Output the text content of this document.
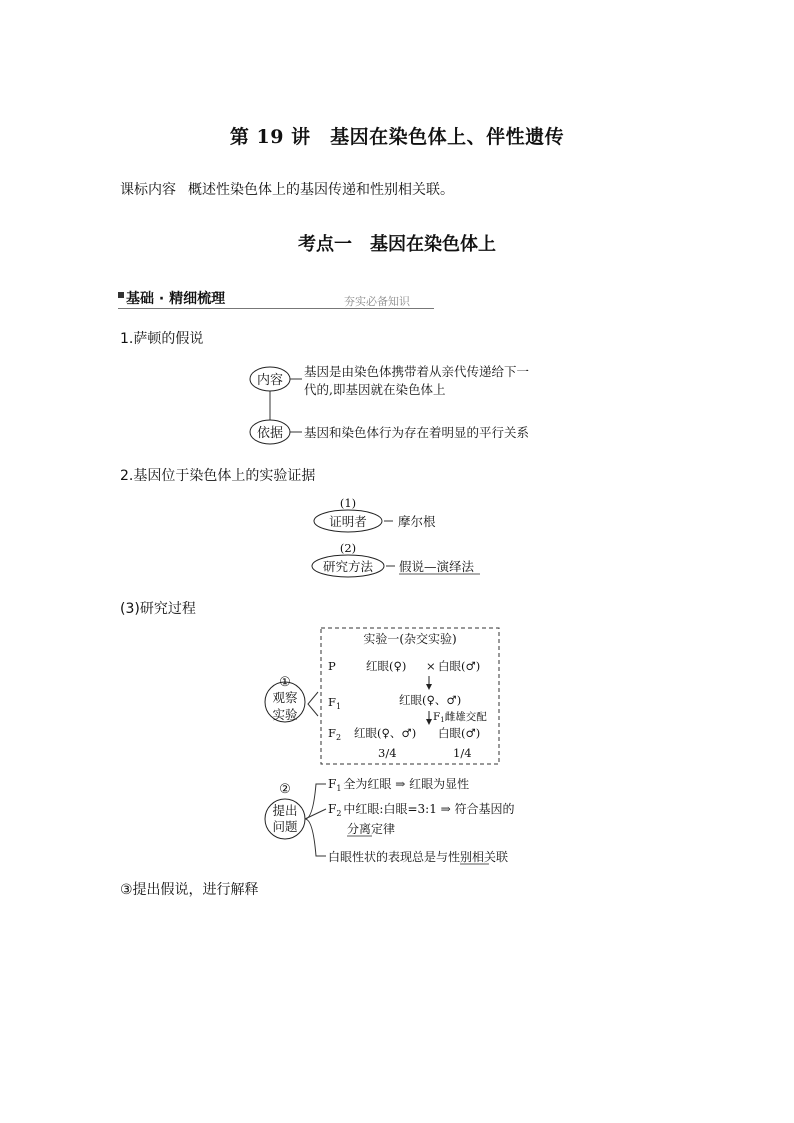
第 19 讲　基因在染色体上、伴性遗传
课标内容 概述性染色体上的基因传递和性别相关联。
考点一　基因在染色体上
基础 · 精细梳理	夯实必备知识
1.萨顿的假说
2.基因位于染色体上的实验证据
(3)研究过程
③提出假说，进行解释
内容
基因是由染色体携带着从亲代传递给下一
代的,即基因就在染色体上
依据 基因和染色体行为存在着明显的平行关系
(1)
证明者 摩尔根
(2)
研究方法 假说—演绎法
①
观察
实验
实验一(杂交实验)
P	红眼(♀) × 白眼(♂)
$F_1$	红眼(♀、♂)
F1雌雄交配
$F_2$ 红眼(♀、♂) 白眼(♂)
3/4	1/4
②
提出
问题
$F_1$ 全为红眼 ⇒ 红眼为显性
$F_2$ 中红眼:白眼=3:1 ⇒ 符合基因的
分离定律
白眼性状的表现总是与性别相关联
